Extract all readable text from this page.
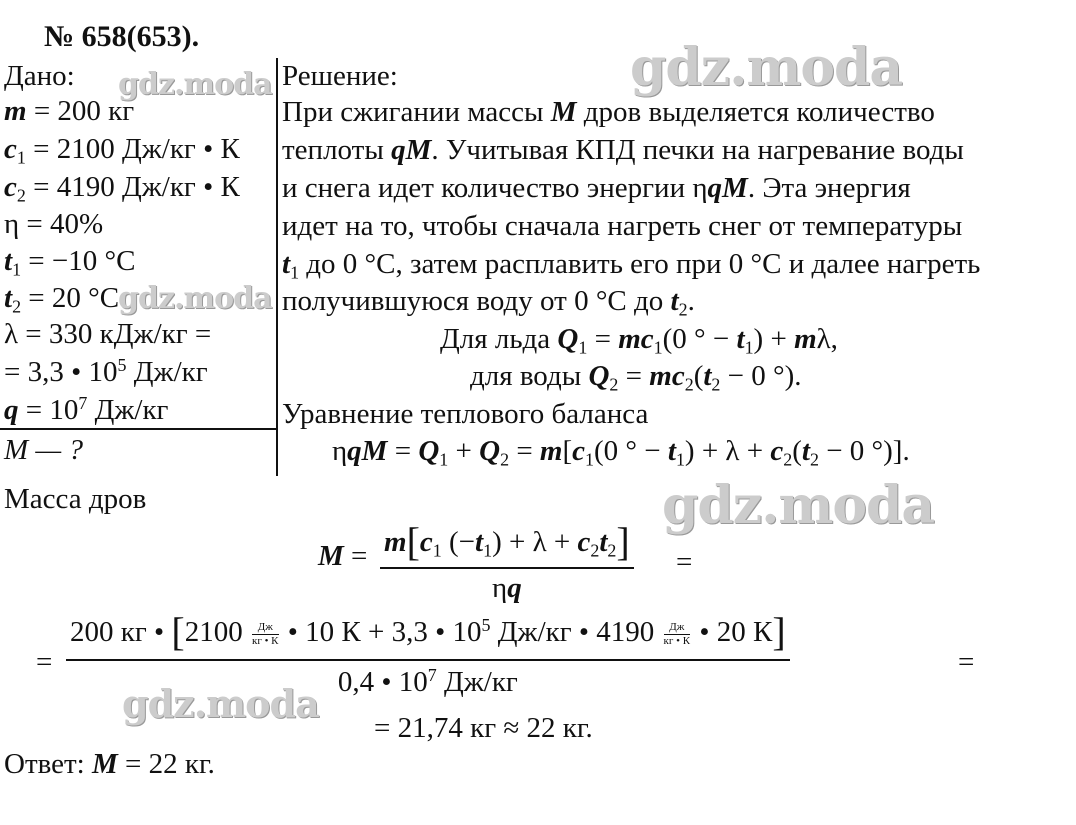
gdz.moda
gdz.moda
gdz.moda
gdz.moda
gdz.moda
№ 658(653).
Дано:
m = 200 кг
$c_1 = 2100$ Дж/кг • К
$c_2 = 4190$ Дж/кг • К
η = 40%
$t_1 = -10$ °С
$t_2 = 20$ °С
λ = 330 кДж/кг =
= 3,3 • $10^5$ Дж/кг
$q = 10^7$ Дж/кг
M — ?
Решение:
При сжигании массы M дров выделяется количество
теплоты qM. Учитывая КПД печки на нагревание воды
и снега идет количество энергии ηqM. Эта энергия
идет на то, чтобы сначала нагреть снег от температуры
$t_1$ до 0 °С, затем расплавить его при 0 °С и далее нагреть
получившуюся воду от 0 °С до $t_2$.
Для льда $Q_1 = mc_1(0$ ° − $t_1) + m\lambda$,
для воды $Q_2 = mc_2(t_2 - 0$ °).
Уравнение теплового баланса
$\eta qM = Q_1 + Q_2 = m[c_1(0$ ° − $t_1) + \lambda + c_2(t_2 - 0$ °)].
Масса дров
$M = m[c_1$ $(-t_1) + \lambda + c_2t_2$]
ηq
=
=
200 кг • [2100 Дж
кг • К • 10 К + 3,3 • $10^5$ Дж/кг • 4190 Дж
кг • К • 20 К]
0,4 • $10^7$ Дж/кг
=
= 21,74 кг ≈ 22 кг.
Ответ: M = 22 кг.
